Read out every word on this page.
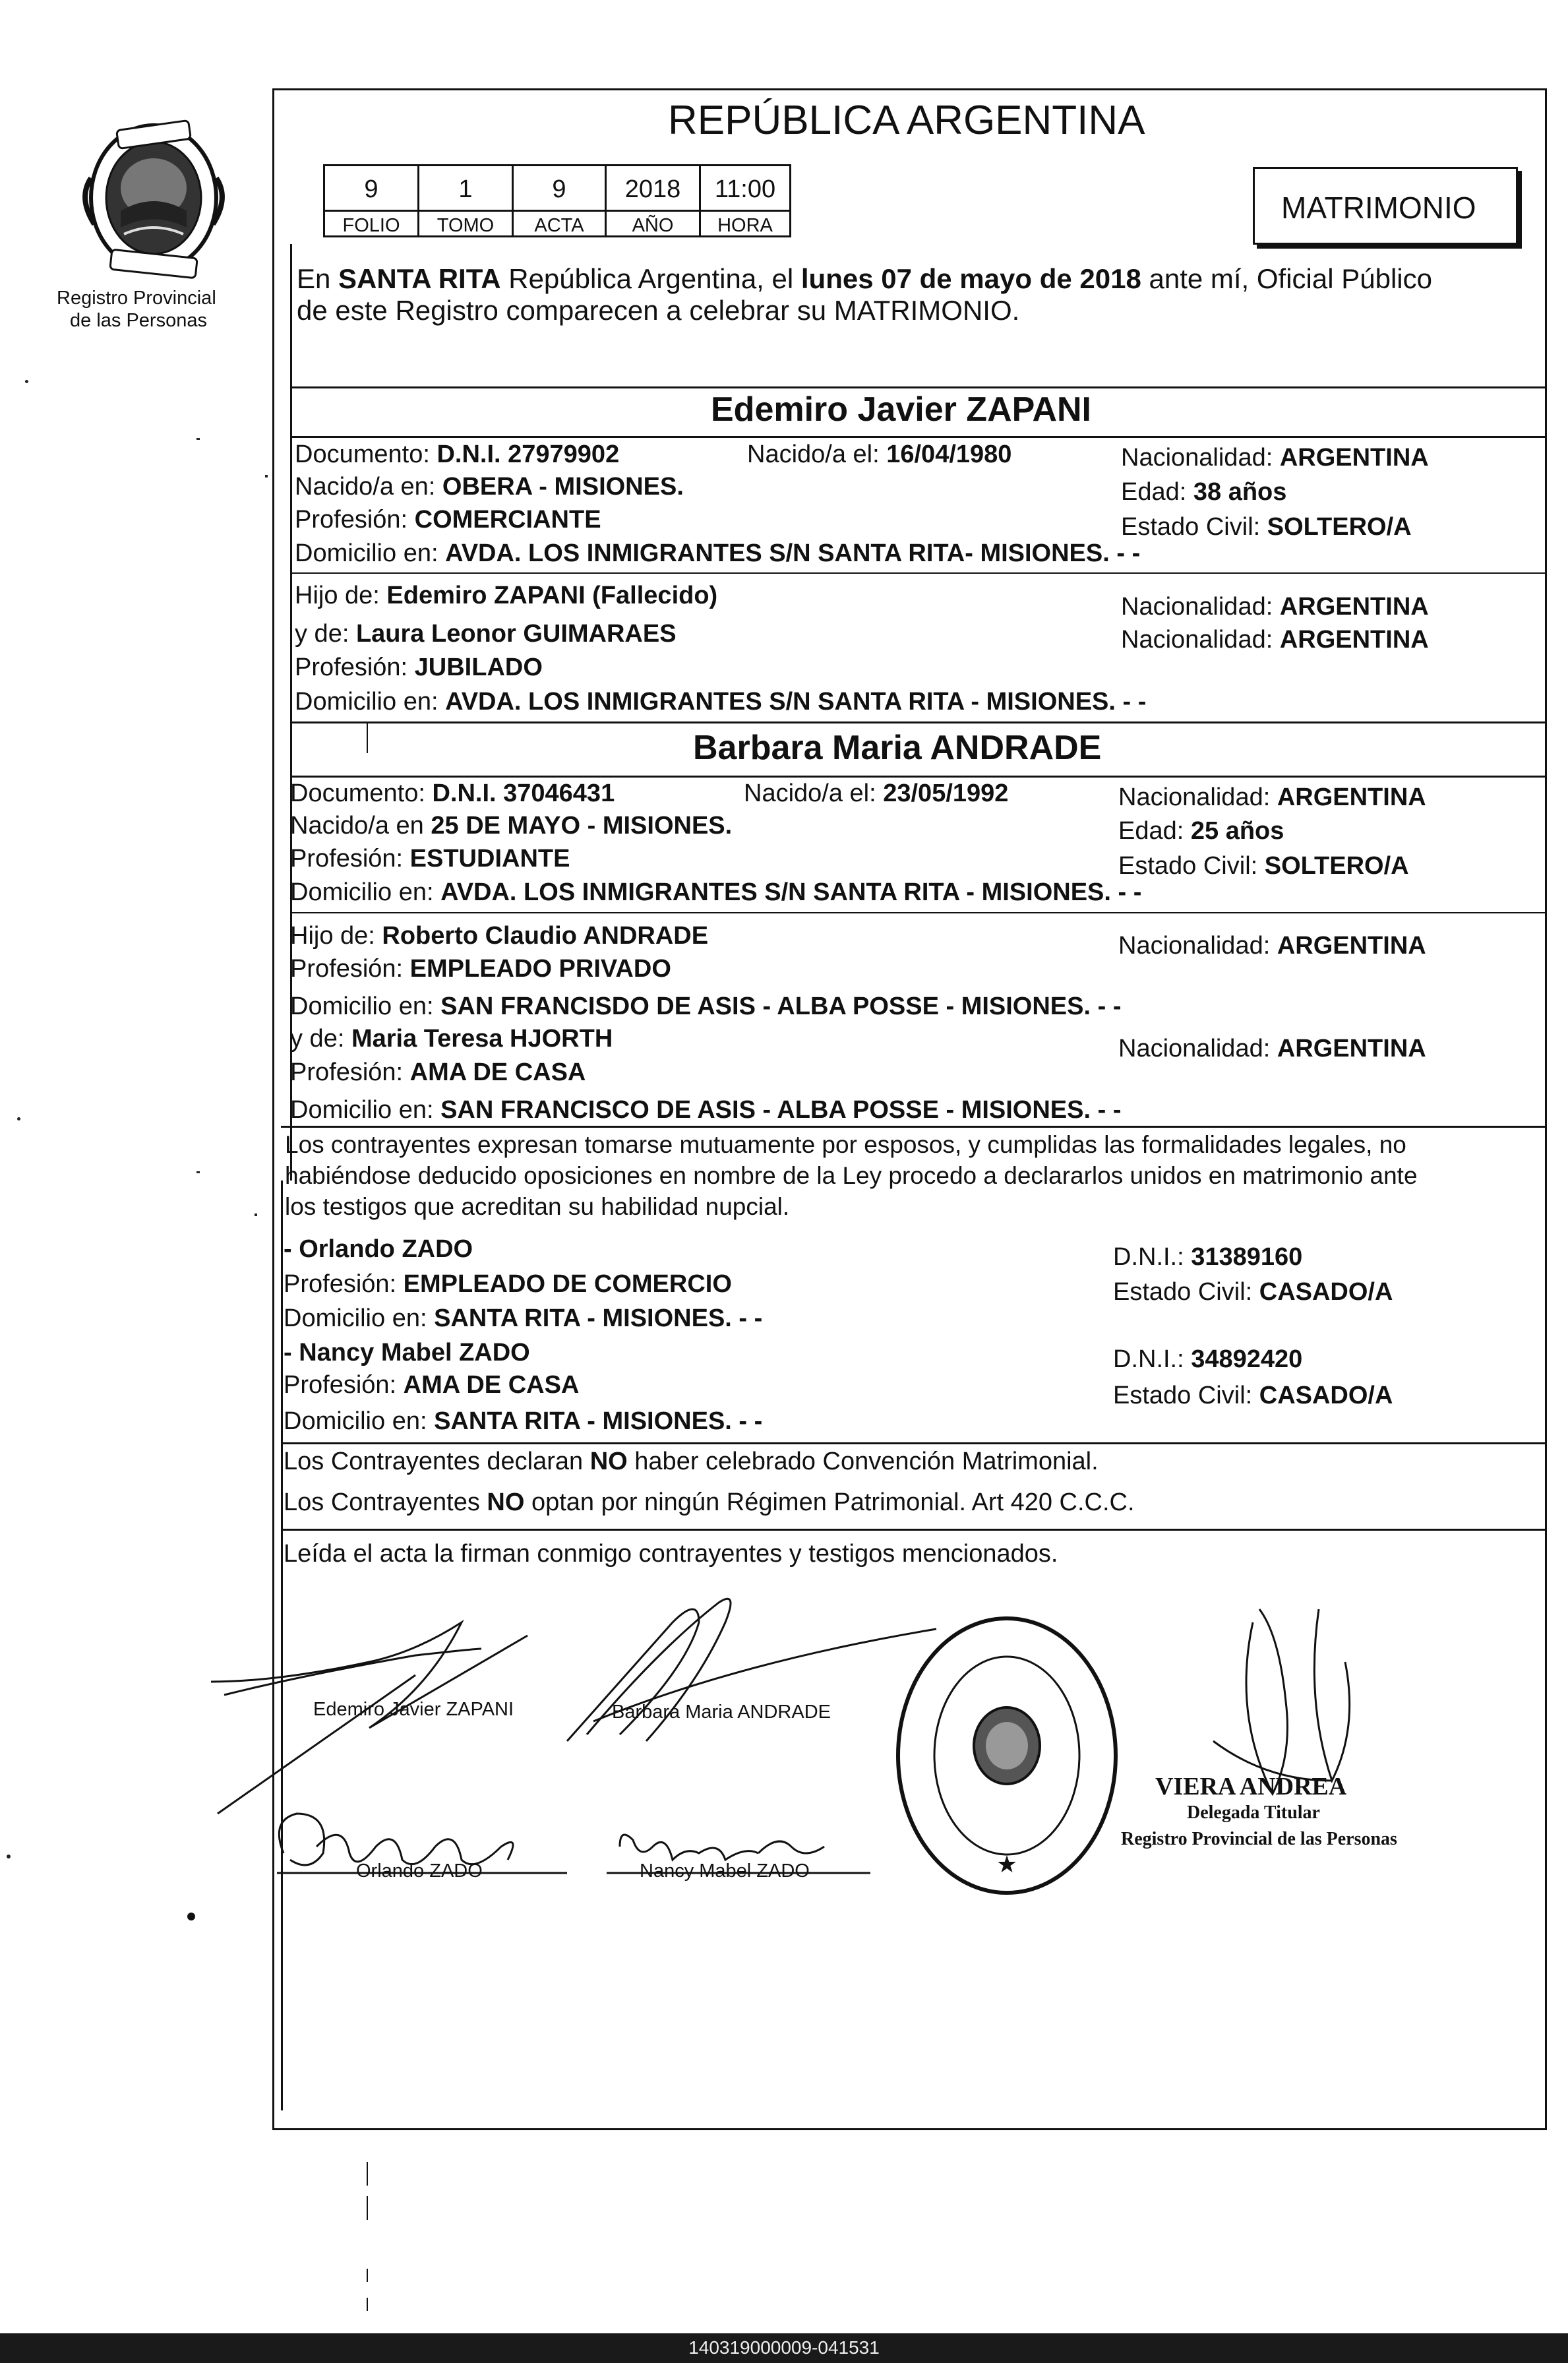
Registro Provincial
de las Personas
REPÚBLICA ARGENTINA
9	1	9	2018	11:00
FOLIO	TOMO	ACTA	AÑO	HORA
MATRIMONIO
En SANTA RITA República Argentina, el lunes 07 de mayo de 2018 ante mí, Oficial Público
de este Registro comparecen a celebrar su MATRIMONIO.
Edemiro Javier ZAPANI
Documento: D.N.I. 27979902	Nacido/a el: 16/04/1980	Nacionalidad: ARGENTINA
Nacido/a en: OBERA - MISIONES.	Edad: 38 años
Profesión: COMERCIANTE	Estado Civil: SOLTERO/A
Domicilio en: AVDA. LOS INMIGRANTES S/N SANTA RITA- MISIONES. - -
Hijo de: Edemiro ZAPANI (Fallecido)	Nacionalidad: ARGENTINA
y de: Laura Leonor GUIMARAES	Nacionalidad: ARGENTINA
Profesión: JUBILADO
Domicilio en: AVDA. LOS INMIGRANTES S/N SANTA RITA - MISIONES. - -
Barbara Maria ANDRADE
Documento: D.N.I. 37046431	Nacido/a el: 23/05/1992	Nacionalidad: ARGENTINA
Nacido/a en 25 DE MAYO - MISIONES.	Edad: 25 años
Profesión: ESTUDIANTE	Estado Civil: SOLTERO/A
Domicilio en: AVDA. LOS INMIGRANTES S/N SANTA RITA - MISIONES. - -
Hijo de: Roberto Claudio ANDRADE	Nacionalidad: ARGENTINA
Profesión: EMPLEADO PRIVADO
Domicilio en: SAN FRANCISDO DE ASIS - ALBA POSSE - MISIONES. - -
y de: Maria Teresa HJORTH	Nacionalidad: ARGENTINA
Profesión: AMA DE CASA
Domicilio en: SAN FRANCISCO DE ASIS - ALBA POSSE - MISIONES. - -
Los contrayentes expresan tomarse mutuamente por esposos, y cumplidas las formalidades legales, no
habiéndose deducido oposiciones en nombre de la Ley procedo a declararlos unidos en matrimonio ante
los testigos que acreditan su habilidad nupcial.
- Orlando ZADO	D.N.I.: 31389160
Profesión: EMPLEADO DE COMERCIO	Estado Civil: CASADO/A
Domicilio en: SANTA RITA - MISIONES. - -
- Nancy Mabel ZADO	D.N.I.: 34892420
Profesión: AMA DE CASA	Estado Civil: CASADO/A
Domicilio en: SANTA RITA - MISIONES. - -
Los Contrayentes declaran NO haber celebrado Convención Matrimonial.
Los Contrayentes NO optan por ningún Régimen Patrimonial. Art 420 C.C.C.
Leída el acta la firman conmigo contrayentes y testigos mencionados.
Edemiro Javier ZAPANI	Barbara Maria ANDRADE
Orlando ZADO	Nancy Mabel ZADO	★
VIERA ANDREA
Delegada Titular
Registro Provincial de las Personas
140319000009-041531
